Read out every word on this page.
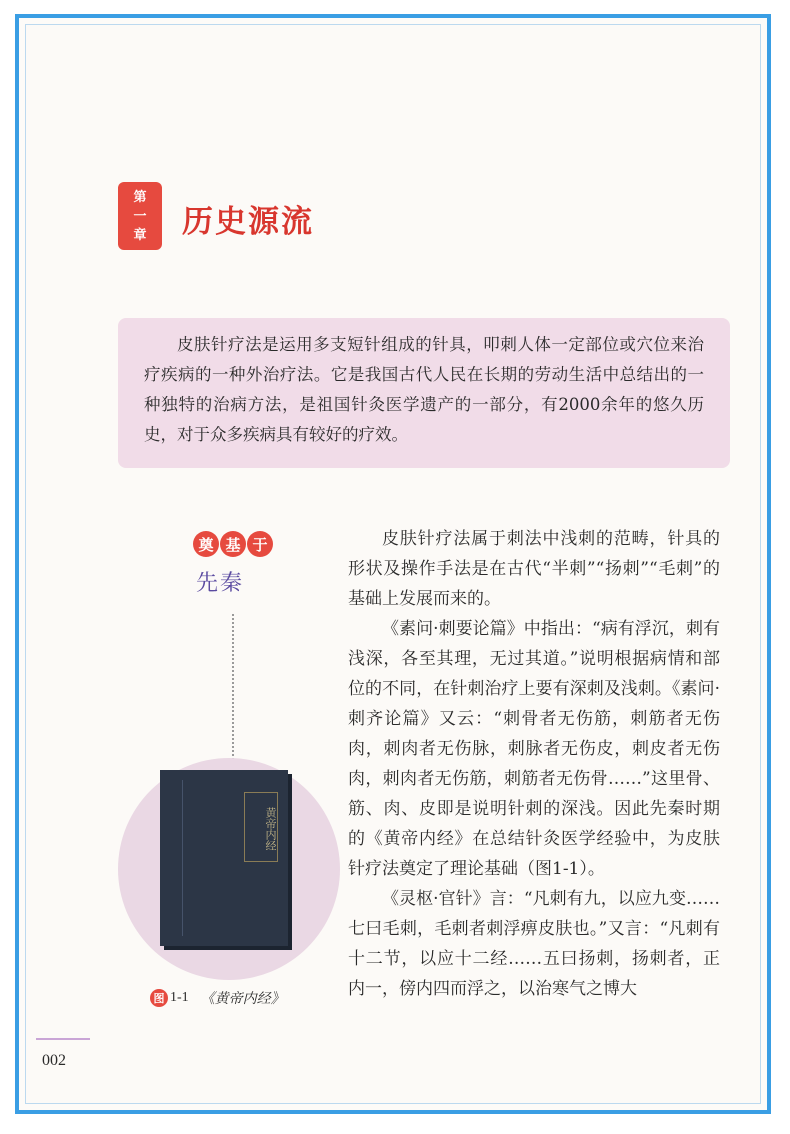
第
一
章 历史源流
皮肤针疗法是运用多支短针组成的针具，叩刺人体一定部位或穴位来治疗疾病的一种外治疗法。它是我国古代人民在长期的劳动生活中总结出的一种独特的治病方法，是祖国针灸医学遗产的一部分，有2000余年的悠久历史，对于众多疾病具有较好的疗效。
奠 基 于
先秦
黄帝内经
图 1-1 《黄帝内经》

皮肤针疗法属于刺法中浅刺的范畴，针具的形状及操作手法是在古代“半刺”“扬刺”“毛刺”的基础上发展而来的。

《素问·刺要论篇》中指出：“病有浮沉，刺有浅深，各至其理，无过其道。”说明根据病情和部位的不同，在针刺治疗上要有深刺及浅刺。《素问·刺齐论篇》又云：“刺骨者无伤筋，刺筋者无伤肉，刺肉者无伤脉，刺脉者无伤皮，刺皮者无伤肉，刺肉者无伤筋，刺筋者无伤骨……”这里骨、筋、肉、皮即是说明针刺的深浅。因此先秦时期的《黄帝内经》在总结针灸医学经验中，为皮肤针疗法奠定了理论基础（图1-1）。

《灵枢·官针》言：“凡刺有九，以应九变……七曰毛刺，毛刺者刺浮痹皮肤也。”又言：“凡刺有十二节，以应十二经……五曰扬刺，扬刺者，正内一，傍内四而浮之，以治寒气之博大

002
